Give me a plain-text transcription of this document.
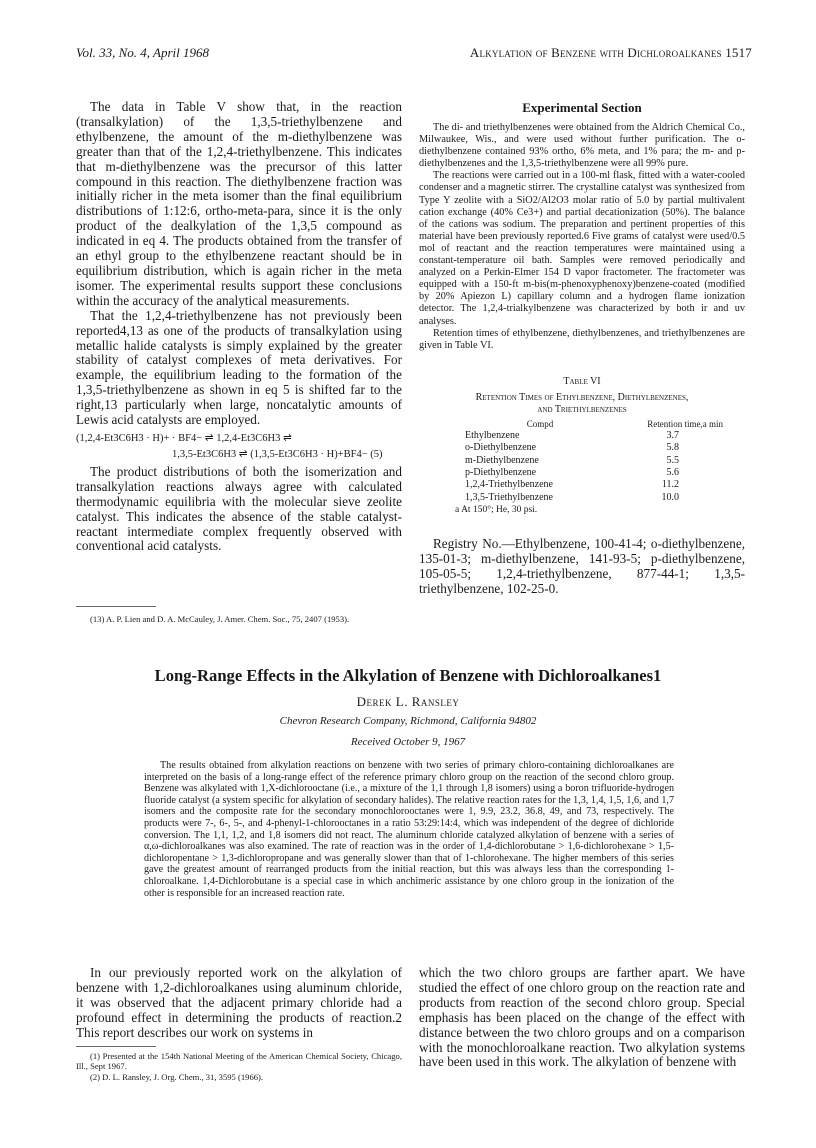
Vol. 33, No. 4, April 1968	Alkylation of Benzene with Dichloroalkanes 1517

The data in Table V show that, in the reaction (transalkylation) of the 1,3,5-triethylbenzene and ethylbenzene, the amount of the m-diethylbenzene was greater than that of the 1,2,4-triethylbenzene. This indicates that m-diethylbenzene was the precursor of this latter compound in this reaction. The diethylbenzene fraction was initially richer in the meta isomer than the final equilibrium distributions of 1:12:6, ortho-meta-para, since it is the only product of the dealkylation of the 1,3,5 compound as indicated in eq 4. The products obtained from the transfer of an ethyl group to the ethylbenzene reactant should be in equilibrium distribution, which is again richer in the meta isomer. The experimental results support these conclusions within the accuracy of the analytical measurements.

That the 1,2,4-triethylbenzene has not previously been reported4,13 as one of the products of transalkylation using metallic halide catalysts is simply explained by the greater stability of catalyst complexes of meta derivatives. For example, the equilibrium leading to the formation of the 1,3,5-triethylbenzene as shown in eq 5 is shifted far to the right,13 particularly when large, noncatalytic amounts of Lewis acid catalysts are employed.

(1,2,4-Et3C6H3 · H)+ · BF4− ⇌ 1,2,4-Et3C6H3 ⇌
1,3,5-Et3C6H3 ⇌ (1,3,5-Et3C6H3 · H)+BF4− (5)

The product distributions of both the isomerization and transalkylation reactions always agree with calculated thermodynamic equilibria with the molecular sieve zeolite catalyst. This indicates the absence of the stable catalyst-reactant intermediate complex frequently observed with conventional acid catalysts.

(13) A. P. Lien and D. A. McCauley, J. Amer. Chem. Soc., 75, 2407 (1953).

Experimental Section

The di- and triethylbenzenes were obtained from the Aldrich Chemical Co., Milwaukee, Wis., and were used without further purification. The o-diethylbenzene contained 93% ortho, 6% meta, and 1% para; the m- and p-diethylbenzenes and the 1,3,5-triethylbenzene were all 99% pure.

The reactions were carried out in a 100-ml flask, fitted with a water-cooled condenser and a magnetic stirrer. The crystalline catalyst was synthesized from Type Y zeolite with a SiO2/Al2O3 molar ratio of 5.0 by partial multivalent cation exchange (40% Ce3+) and partial decationization (50%). The balance of the cations was sodium. The preparation and pertinent properties of this material have been previously reported.6 Five grams of catalyst were used/0.5 mol of reactant and the reaction temperatures were maintained using a constant-temperature oil bath. Samples were removed periodically and analyzed on a Perkin-Elmer 154 D vapor fractometer. The fractometer was equipped with a 150-ft m-bis(m-phenoxyphenoxy)benzene-coated (modified by 20% Apiezon L) capillary column and a hydrogen flame ionization detector. The 1,2,4-trialkylbenzene was characterized by both ir and uv analyses.

Retention times of ethylbenzene, diethylbenzenes, and triethylbenzenes are given in Table VI.

Table VI
Retention Times of Ethylbenzene, Diethylbenzenes,
and Triethylbenzenes
Compd	Retention time,a min
Ethylbenzene	3.7
o-Diethylbenzene	5.8
m-Diethylbenzene	5.5
p-Diethylbenzene	5.6
1,2,4-Triethylbenzene	11.2
1,3,5-Triethylbenzene	10.0
a At 150°; He, 30 psi.

Registry No.—Ethylbenzene, 100-41-4; o-diethylbenzene, 135-01-3; m-diethylbenzene, 141-93-5; p-diethylbenzene, 105-05-5; 1,2,4-triethylbenzene, 877-44-1; 1,3,5-triethylbenzene, 102-25-0.

Long-Range Effects in the Alkylation of Benzene with Dichloroalkanes1
Derek L. Ransley
Chevron Research Company, Richmond, California 94802
Received October 9, 1967

The results obtained from alkylation reactions on benzene with two series of primary chloro-containing dichloroalkanes are interpreted on the basis of a long-range effect of the reference primary chloro group on the reaction of the second chloro group. Benzene was alkylated with 1,X-dichlorooctane (i.e., a mixture of the 1,1 through 1,8 isomers) using a boron trifluoride-hydrogen fluoride catalyst (a system specific for alkylation of secondary halides). The relative reaction rates for the 1,3, 1,4, 1,5, 1,6, and 1,7 isomers and the composite rate for the secondary monochlorooctanes were 1, 9.9, 23.2, 36.8, 49, and 73, respectively. The products were 7-, 6-, 5-, and 4-phenyl-1-chlorooctanes in a ratio 53:29:14:4, which was independent of the degree of dichloride conversion. The 1,1, 1,2, and 1,8 isomers did not react. The aluminum chloride catalyzed alkylation of benzene with a series of α,ω-dichloroalkanes was also examined. The rate of reaction was in the order of 1,4-dichlorobutane > 1,6-dichlorohexane > 1,5-dichloropentane > 1,3-dichloropropane and was generally slower than that of 1-chlorohexane. The higher members of this series gave the greatest amount of rearranged products from the initial reaction, but this was always less than the corresponding 1-chloroalkane. 1,4-Dichlorobutane is a special case in which anchimeric assistance by one chloro group in the ionization of the other is responsible for an increased reaction rate.

In our previously reported work on the alkylation of benzene with 1,2-dichloroalkanes using aluminum chloride, it was observed that the adjacent primary chloride had a profound effect in determining the products of reaction.2 This report describes our work on systems in

(1) Presented at the 154th National Meeting of the American Chemical Society, Chicago, Ill., Sept 1967.

(2) D. L. Ransley, J. Org. Chem., 31, 3595 (1966).

which the two chloro groups are farther apart. We have studied the effect of one chloro group on the reaction rate and products from reaction of the second chloro group. Special emphasis has been placed on the change of the effect with distance between the two chloro groups and on a comparison with the monochloroalkane reaction. Two alkylation systems have been used in this work. The alkylation of benzene with
